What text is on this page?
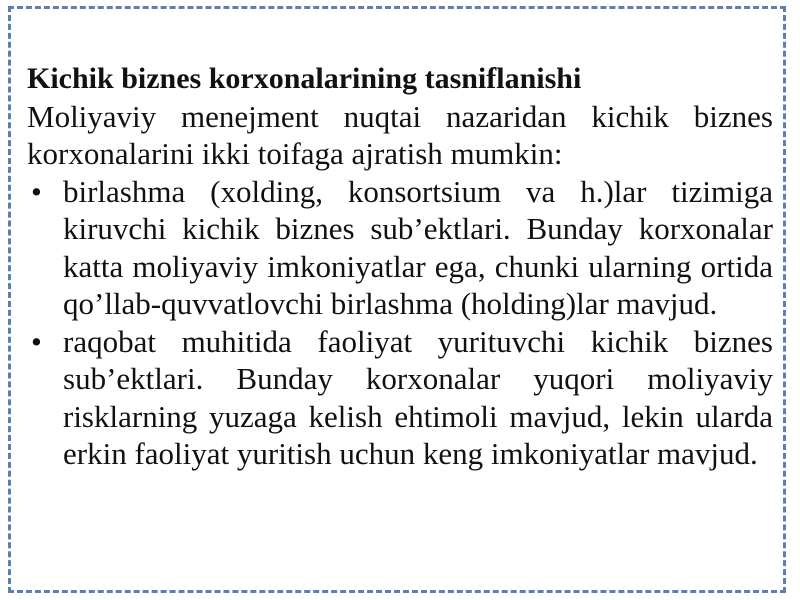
Kichik biznes korxonalarining tasniflanishi

Moliyaviy menejment nuqtai nazaridan kichik biznes korxonalarini ikki toifaga ajratish mumkin:

• birlashma (xolding, konsortsium va h.)lar tizimiga kiruvchi kichik biznes sub’ektlari. Bunday korxonalar katta moliyaviy imkoniyatlar ega, chunki ularning ortida qo’llab-quvvatlovchi birlashma (holding)lar mavjud.
• raqobat muhitida faoliyat yurituvchi kichik biznes sub’ektlari. Bunday korxonalar yuqori moliyaviy risklarning yuzaga kelish ehtimoli mavjud, lekin ularda erkin faoliyat yuritish uchun keng imkoniyatlar mavjud.
